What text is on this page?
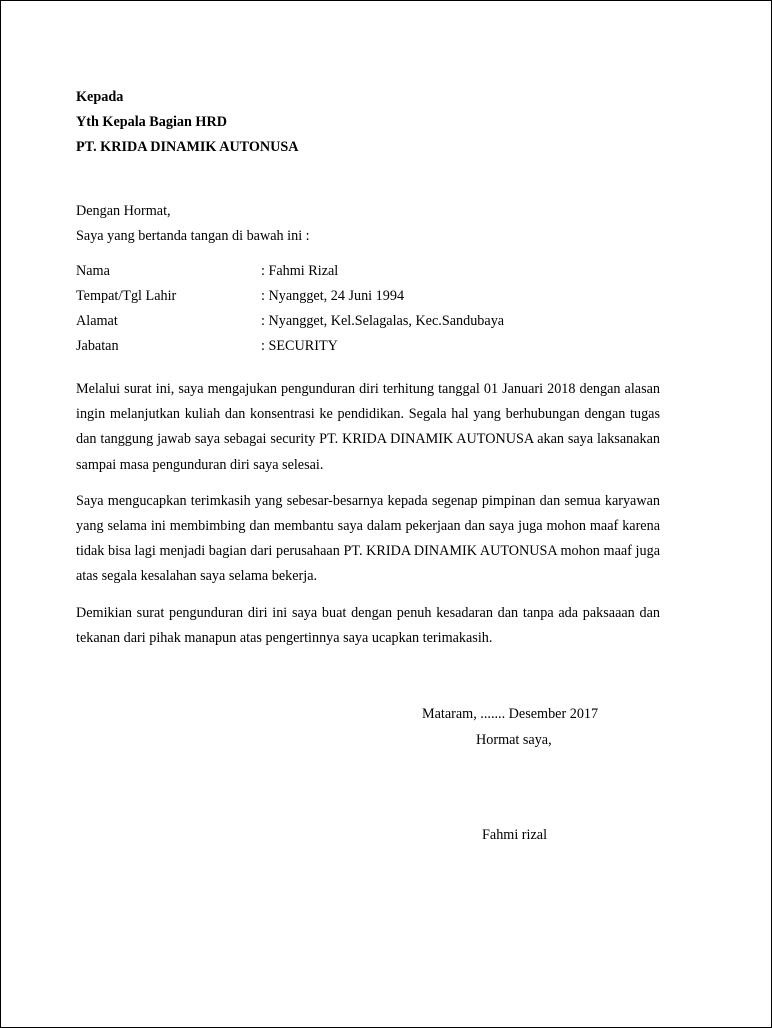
Kepada
Yth Kepala Bagian HRD
PT. KRIDA DINAMIK AUTONUSA
Dengan Hormat,
Saya yang bertanda tangan di bawah ini :
Nama	: Fahmi Rizal
Tempat/Tgl Lahir	: Nyangget, 24 Juni 1994
Alamat	: Nyangget, Kel.Selagalas, Kec.Sandubaya
Jabatan	: SECURITY

Melalui surat ini, saya mengajukan pengunduran diri terhitung tanggal 01 Januari 2018 dengan alasan ingin melanjutkan kuliah dan konsentrasi ke pendidikan. Segala hal yang berhubungan dengan tugas dan tanggung jawab saya sebagai security PT. KRIDA DINAMIK AUTONUSA akan saya laksanakan sampai masa pengunduran diri saya selesai.

Saya mengucapkan terimkasih yang sebesar-besarnya kepada segenap pimpinan dan semua karyawan yang selama ini membimbing dan membantu saya dalam pekerjaan dan saya juga mohon maaf karena tidak bisa lagi menjadi bagian dari perusahaan PT. KRIDA DINAMIK AUTONUSA mohon maaf juga atas segala kesalahan saya selama bekerja.

Demikian surat pengunduran diri ini saya buat dengan penuh kesadaran dan tanpa ada paksaaan dan tekanan dari pihak manapun atas pengertinnya saya ucapkan terimakasih.

Mataram, ....... Desember 2017
Hormat saya,
Fahmi rizal
